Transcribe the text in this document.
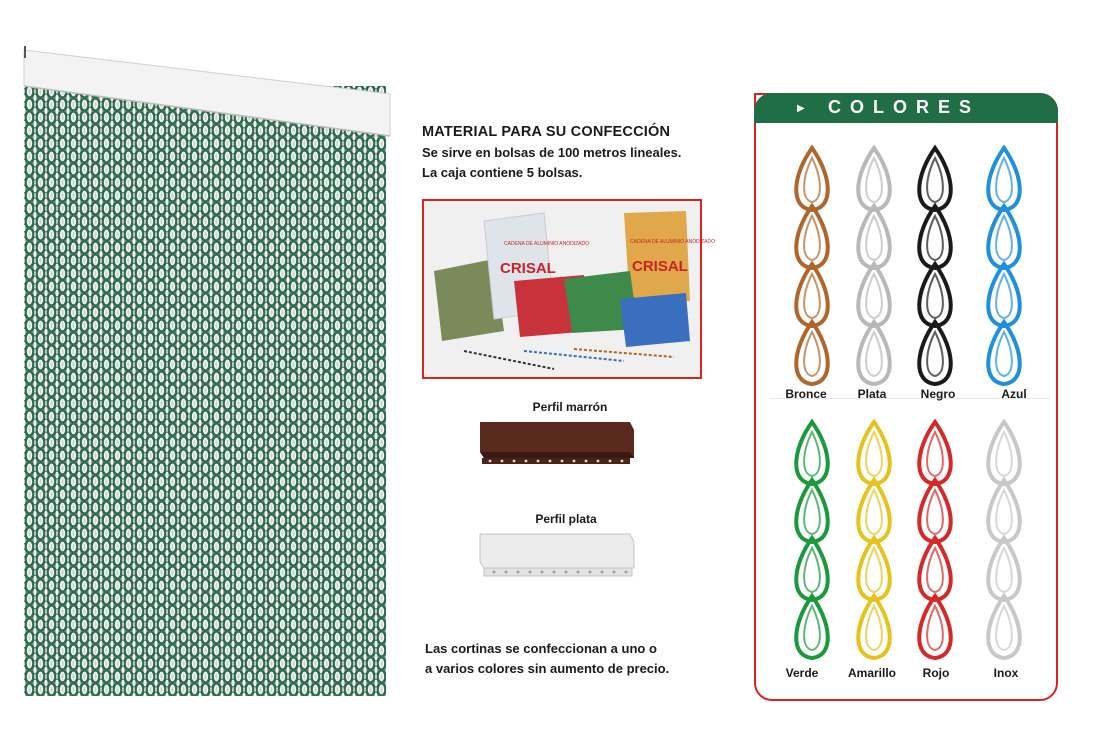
MATERIAL PARA SU CONFECCIÓN
Se sirve en bolsas de 100 metros lineales.
La caja contiene 5 bolsas.
CRISAL	CRISAL
CADENA DE ALUMINIO ANODIZADO	CADENA DE ALUMINIO ANODIZADO
Perfil marrón
Perfil plata
Las cortinas se confeccionan a uno o
a varios colores sin aumento de precio.
▶ COLORES
Bronce	Plata	Negro	Azul
Verde	Amarillo	Rojo	Inox
